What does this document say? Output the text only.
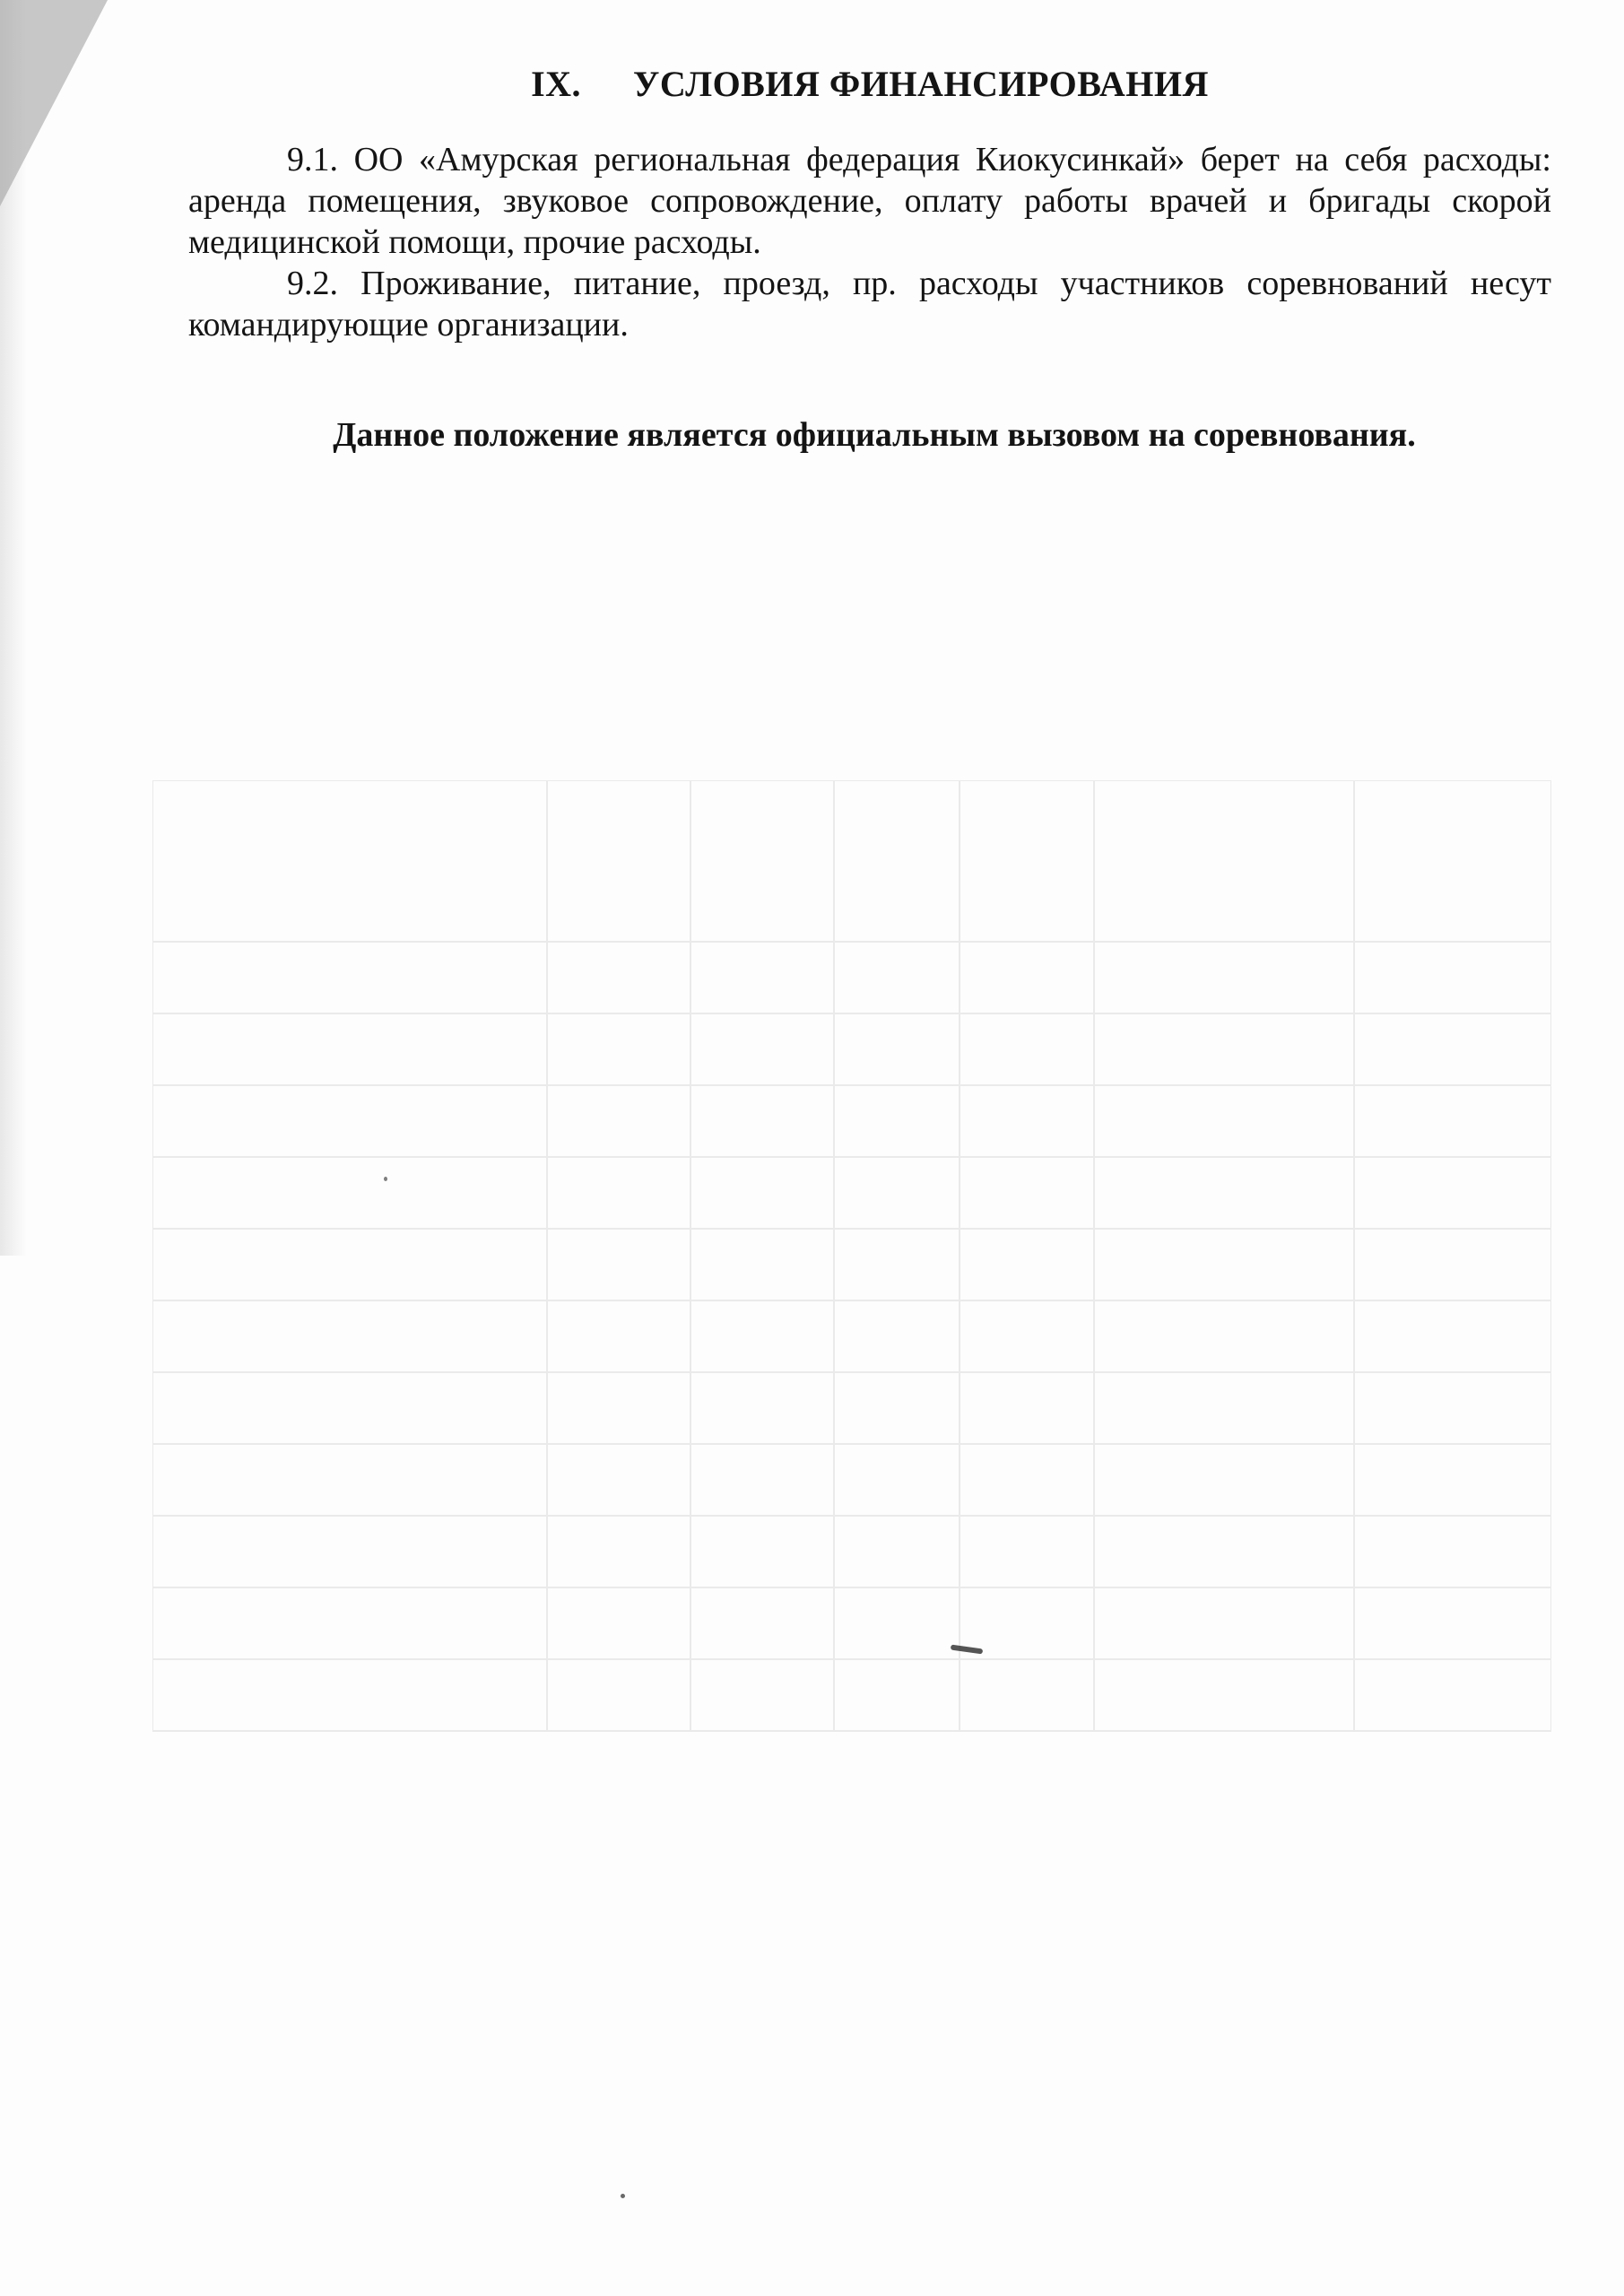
IX. УСЛОВИЯ ФИНАНСИРОВАНИЯ

9.1. ОО «Амурская региональная федерация Киокусинкай» берет на себя расходы: аренда помещения, звуковое сопровождение, оплату работы врачей и бригады скорой медицинской помощи, прочие расходы.

9.2. Проживание, питание, проезд, пр. расходы участников соревнований несут командирующие организации.

Данное положение является официальным вызовом на соревнования.
